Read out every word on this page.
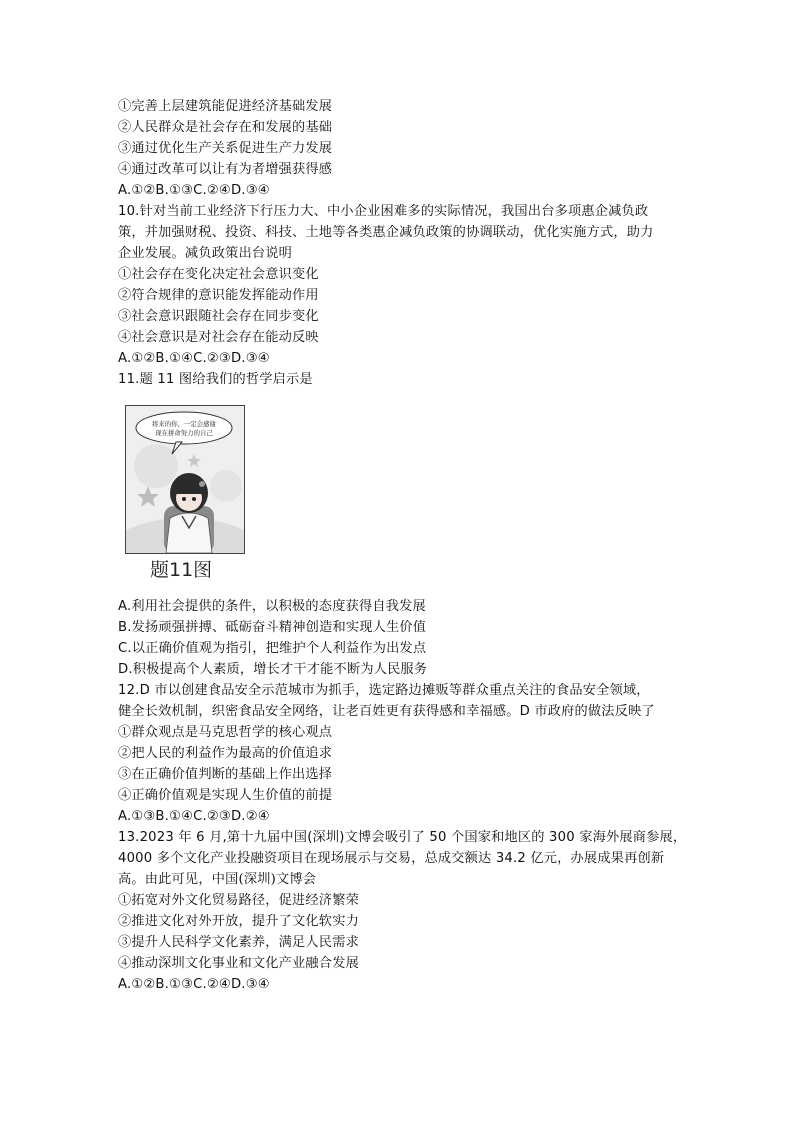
①完善上层建筑能促进经济基础发展
②人民群众是社会存在和发展的基础
③通过优化生产关系促进生产力发展
④通过改革可以让有为者增强获得感
A.①②B.①③C.②④D.③④
10.针对当前工业经济下行压力大、中小企业困难多的实际情况，我国出台多项惠企减负政
策，并加强财税、投资、科技、土地等各类惠企减负政策的协调联动，优化实施方式，助力
企业发展。减负政策出台说明
①社会存在变化决定社会意识变化
②符合规律的意识能发挥能动作用
③社会意识跟随社会存在同步变化
④社会意识是对社会存在能动反映
A.①②B.①④C.②③D.③④
11.题 11 图给我们的哲学启示是
将来的你，一定会感谢
现在拼命努力的自己
题11图
A.利用社会提供的条件，以积极的态度获得自我发展
B.发扬顽强拼搏、砥砺奋斗精神创造和实现人生价值
C.以正确价值观为指引，把维护个人利益作为出发点
D.积极提高个人素质，增长才干才能不断为人民服务
12.D 市以创建食品安全示范城市为抓手，选定路边摊贩等群众重点关注的食品安全领域，
健全长效机制，织密食品安全网络，让老百姓更有获得感和幸福感。D 市政府的做法反映了
①群众观点是马克思哲学的核心观点
②把人民的利益作为最高的价值追求
③在正确价值判断的基础上作出选择
④正确价值观是实现人生价值的前提
A.①③B.①④C.②③D.②④
13.2023 年 6 月,第十九届中国(深圳)文博会吸引了 50 个国家和地区的 300 家海外展商参展，
4000 多个文化产业投融资项目在现场展示与交易，总成交额达 34.2 亿元，办展成果再创新
高。由此可见，中国(深圳)文博会
①拓宽对外文化贸易路径，促进经济繁荣
②推进文化对外开放，提升了文化软实力
③提升人民科学文化素养，满足人民需求
④推动深圳文化事业和文化产业融合发展
A.①②B.①③C.②④D.③④
